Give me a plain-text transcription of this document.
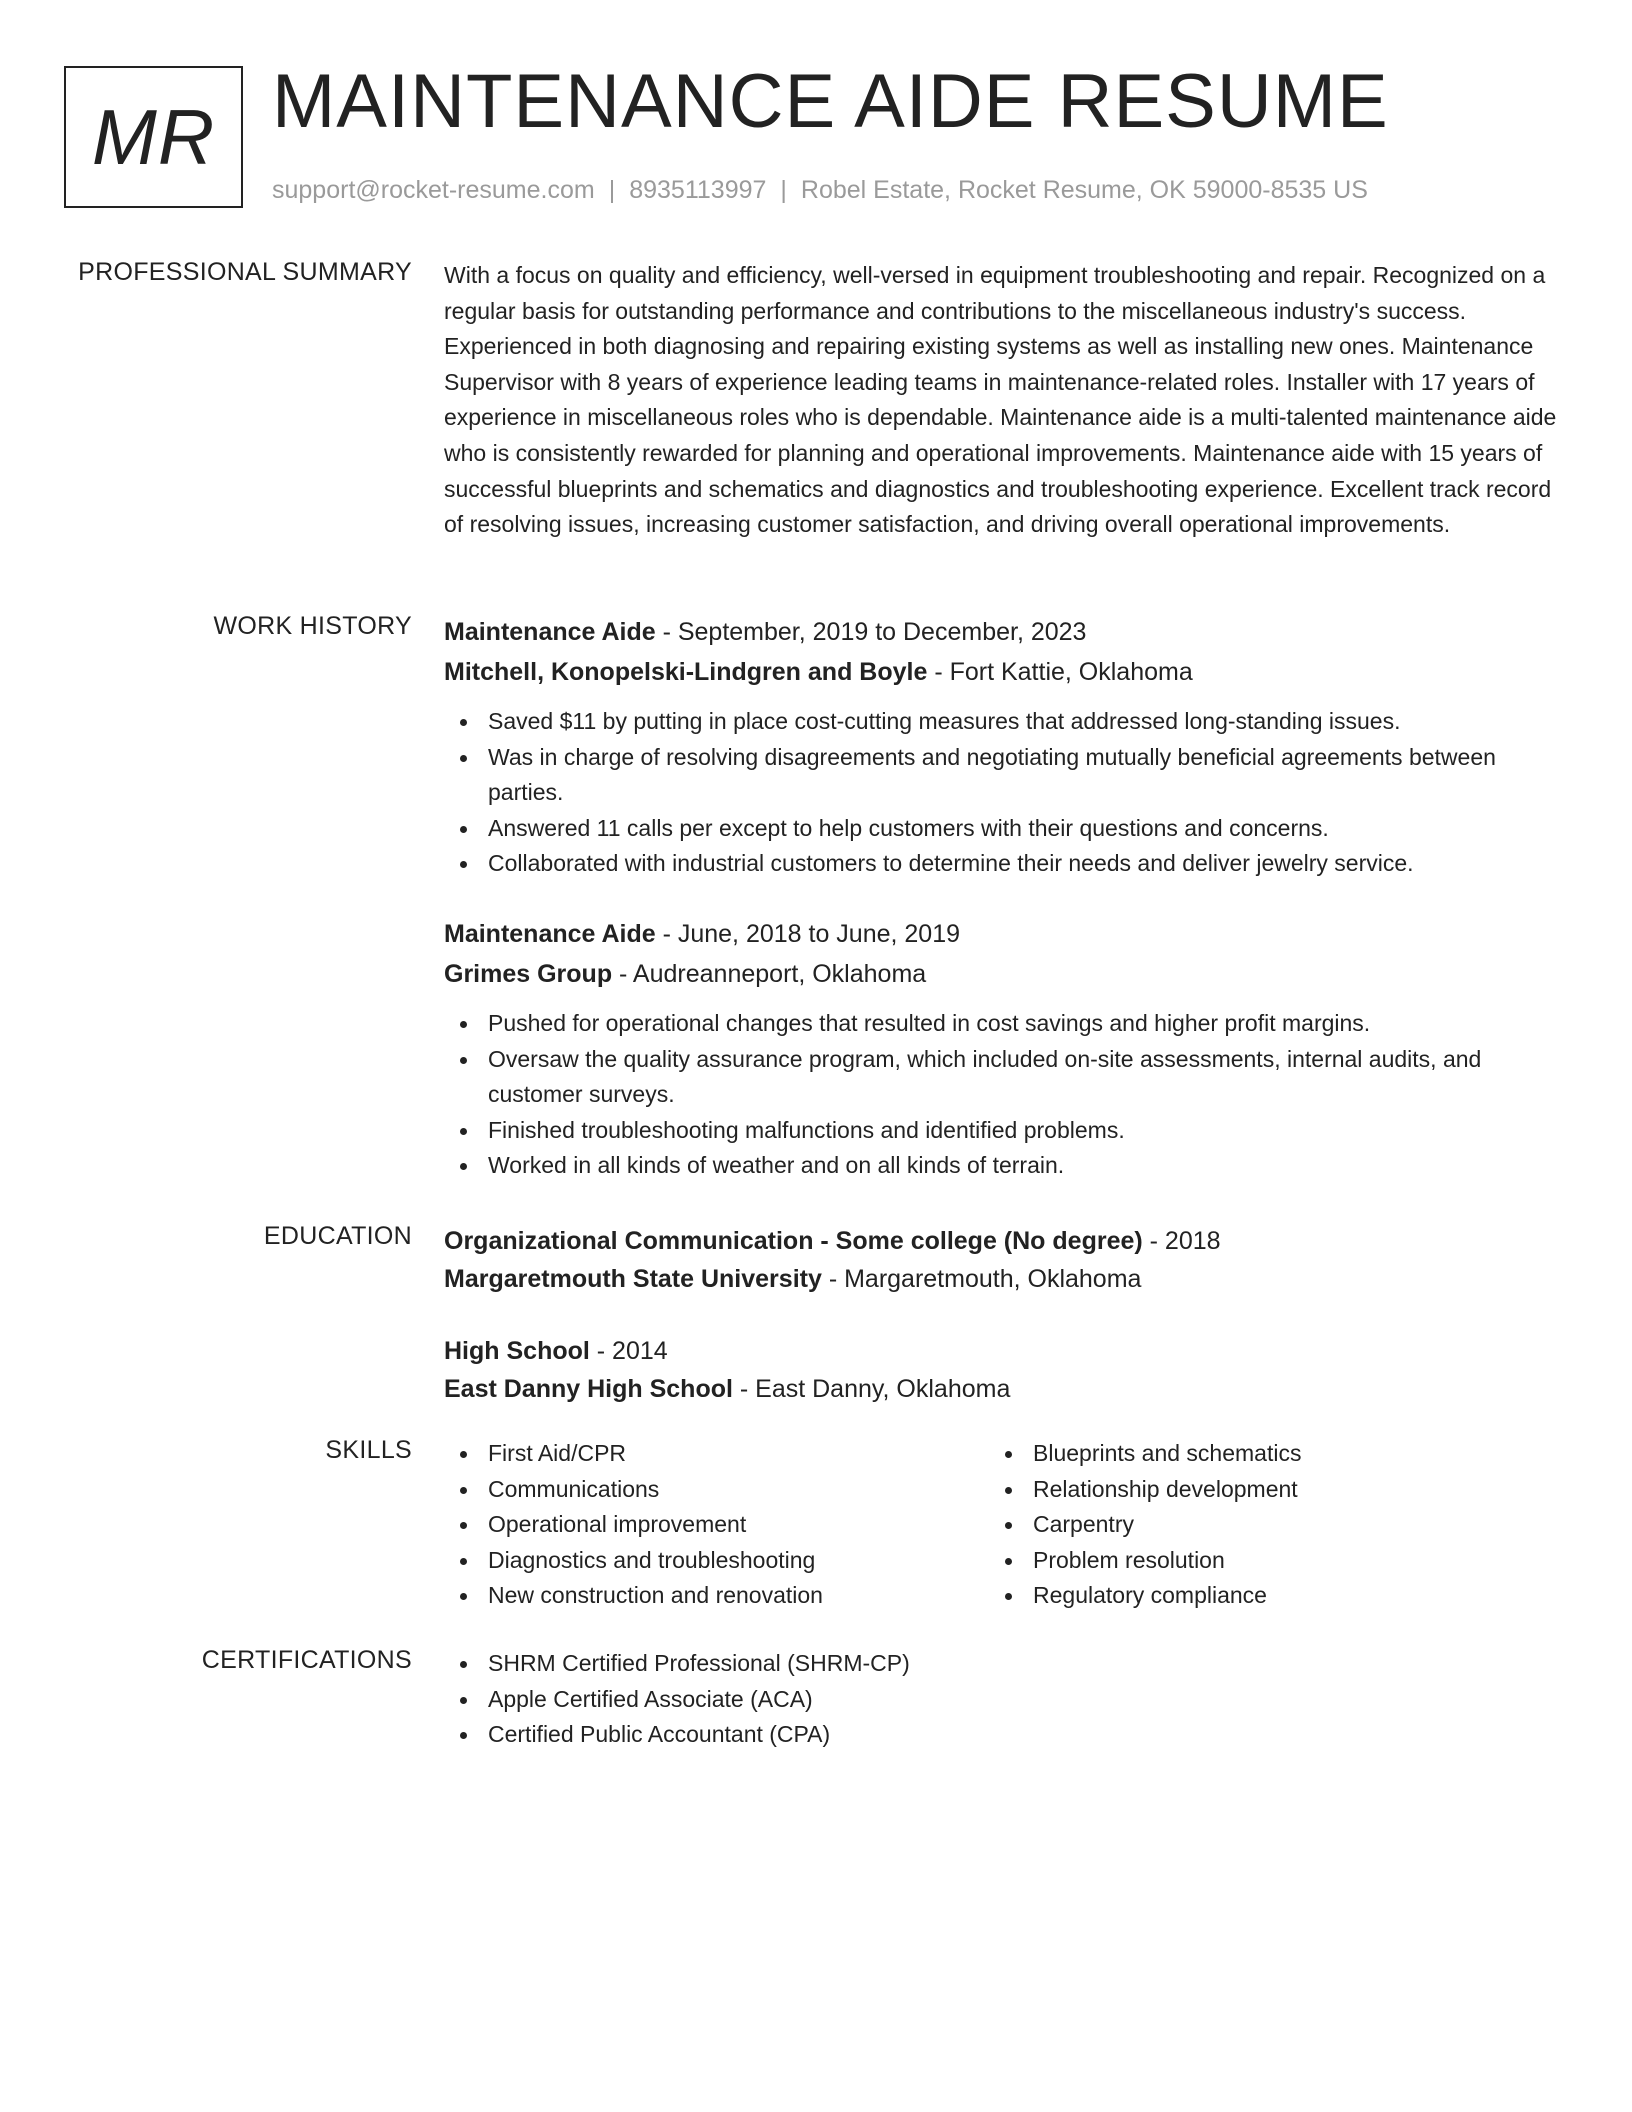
MR MAINTENANCE AIDE RESUME
support@rocket-resume.com | 8935113997 | Robel Estate, Rocket Resume, OK 59000-8535 US
PROFESSIONAL SUMMARY With a focus on quality and efficiency, well-versed in equipment troubleshooting and repair. Recognized on a regular basis for outstanding performance and contributions to the miscellaneous industry's success. Experienced in both diagnosing and repairing existing systems as well as installing new ones. Maintenance Supervisor with 8 years of experience leading teams in maintenance-related roles. Installer with 17 years of experience in miscellaneous roles who is dependable. Maintenance aide is a multi-talented maintenance aide who is consistently rewarded for planning and operational improvements. Maintenance aide with 15 years of successful blueprints and schematics and diagnostics and troubleshooting experience. Excellent track record of resolving issues, increasing customer satisfaction, and driving overall operational improvements.

WORK HISTORY Maintenance Aide - September, 2019 to December, 2023
Mitchell, Konopelski-Lindgren and Boyle - Fort Kattie, Oklahoma
Saved $11 by putting in place cost-cutting measures that addressed long-standing issues.
Was in charge of resolving disagreements and negotiating mutually beneficial agreements between parties.
Answered 11 calls per except to help customers with their questions and concerns.
Collaborated with industrial customers to determine their needs and deliver jewelry service.
Maintenance Aide - June, 2018 to June, 2019
Grimes Group - Audreanneport, Oklahoma
Pushed for operational changes that resulted in cost savings and higher profit margins.
Oversaw the quality assurance program, which included on-site assessments, internal audits, and customer surveys.
Finished troubleshooting malfunctions and identified problems.
Worked in all kinds of weather and on all kinds of terrain.
EDUCATION Organizational Communication - Some college (No degree) - 2018
Margaretmouth State University - Margaretmouth, Oklahoma
High School - 2014
East Danny High School - East Danny, Oklahoma
SKILLS	First Aid/CPR
Communications
Operational improvement
Diagnostics and troubleshooting
New construction and renovation
Blueprints and schematics
Relationship development
Carpentry
Problem resolution
Regulatory compliance
CERTIFICATIONS	SHRM Certified Professional (SHRM-CP)
Apple Certified Associate (ACA)
Certified Public Accountant (CPA)
